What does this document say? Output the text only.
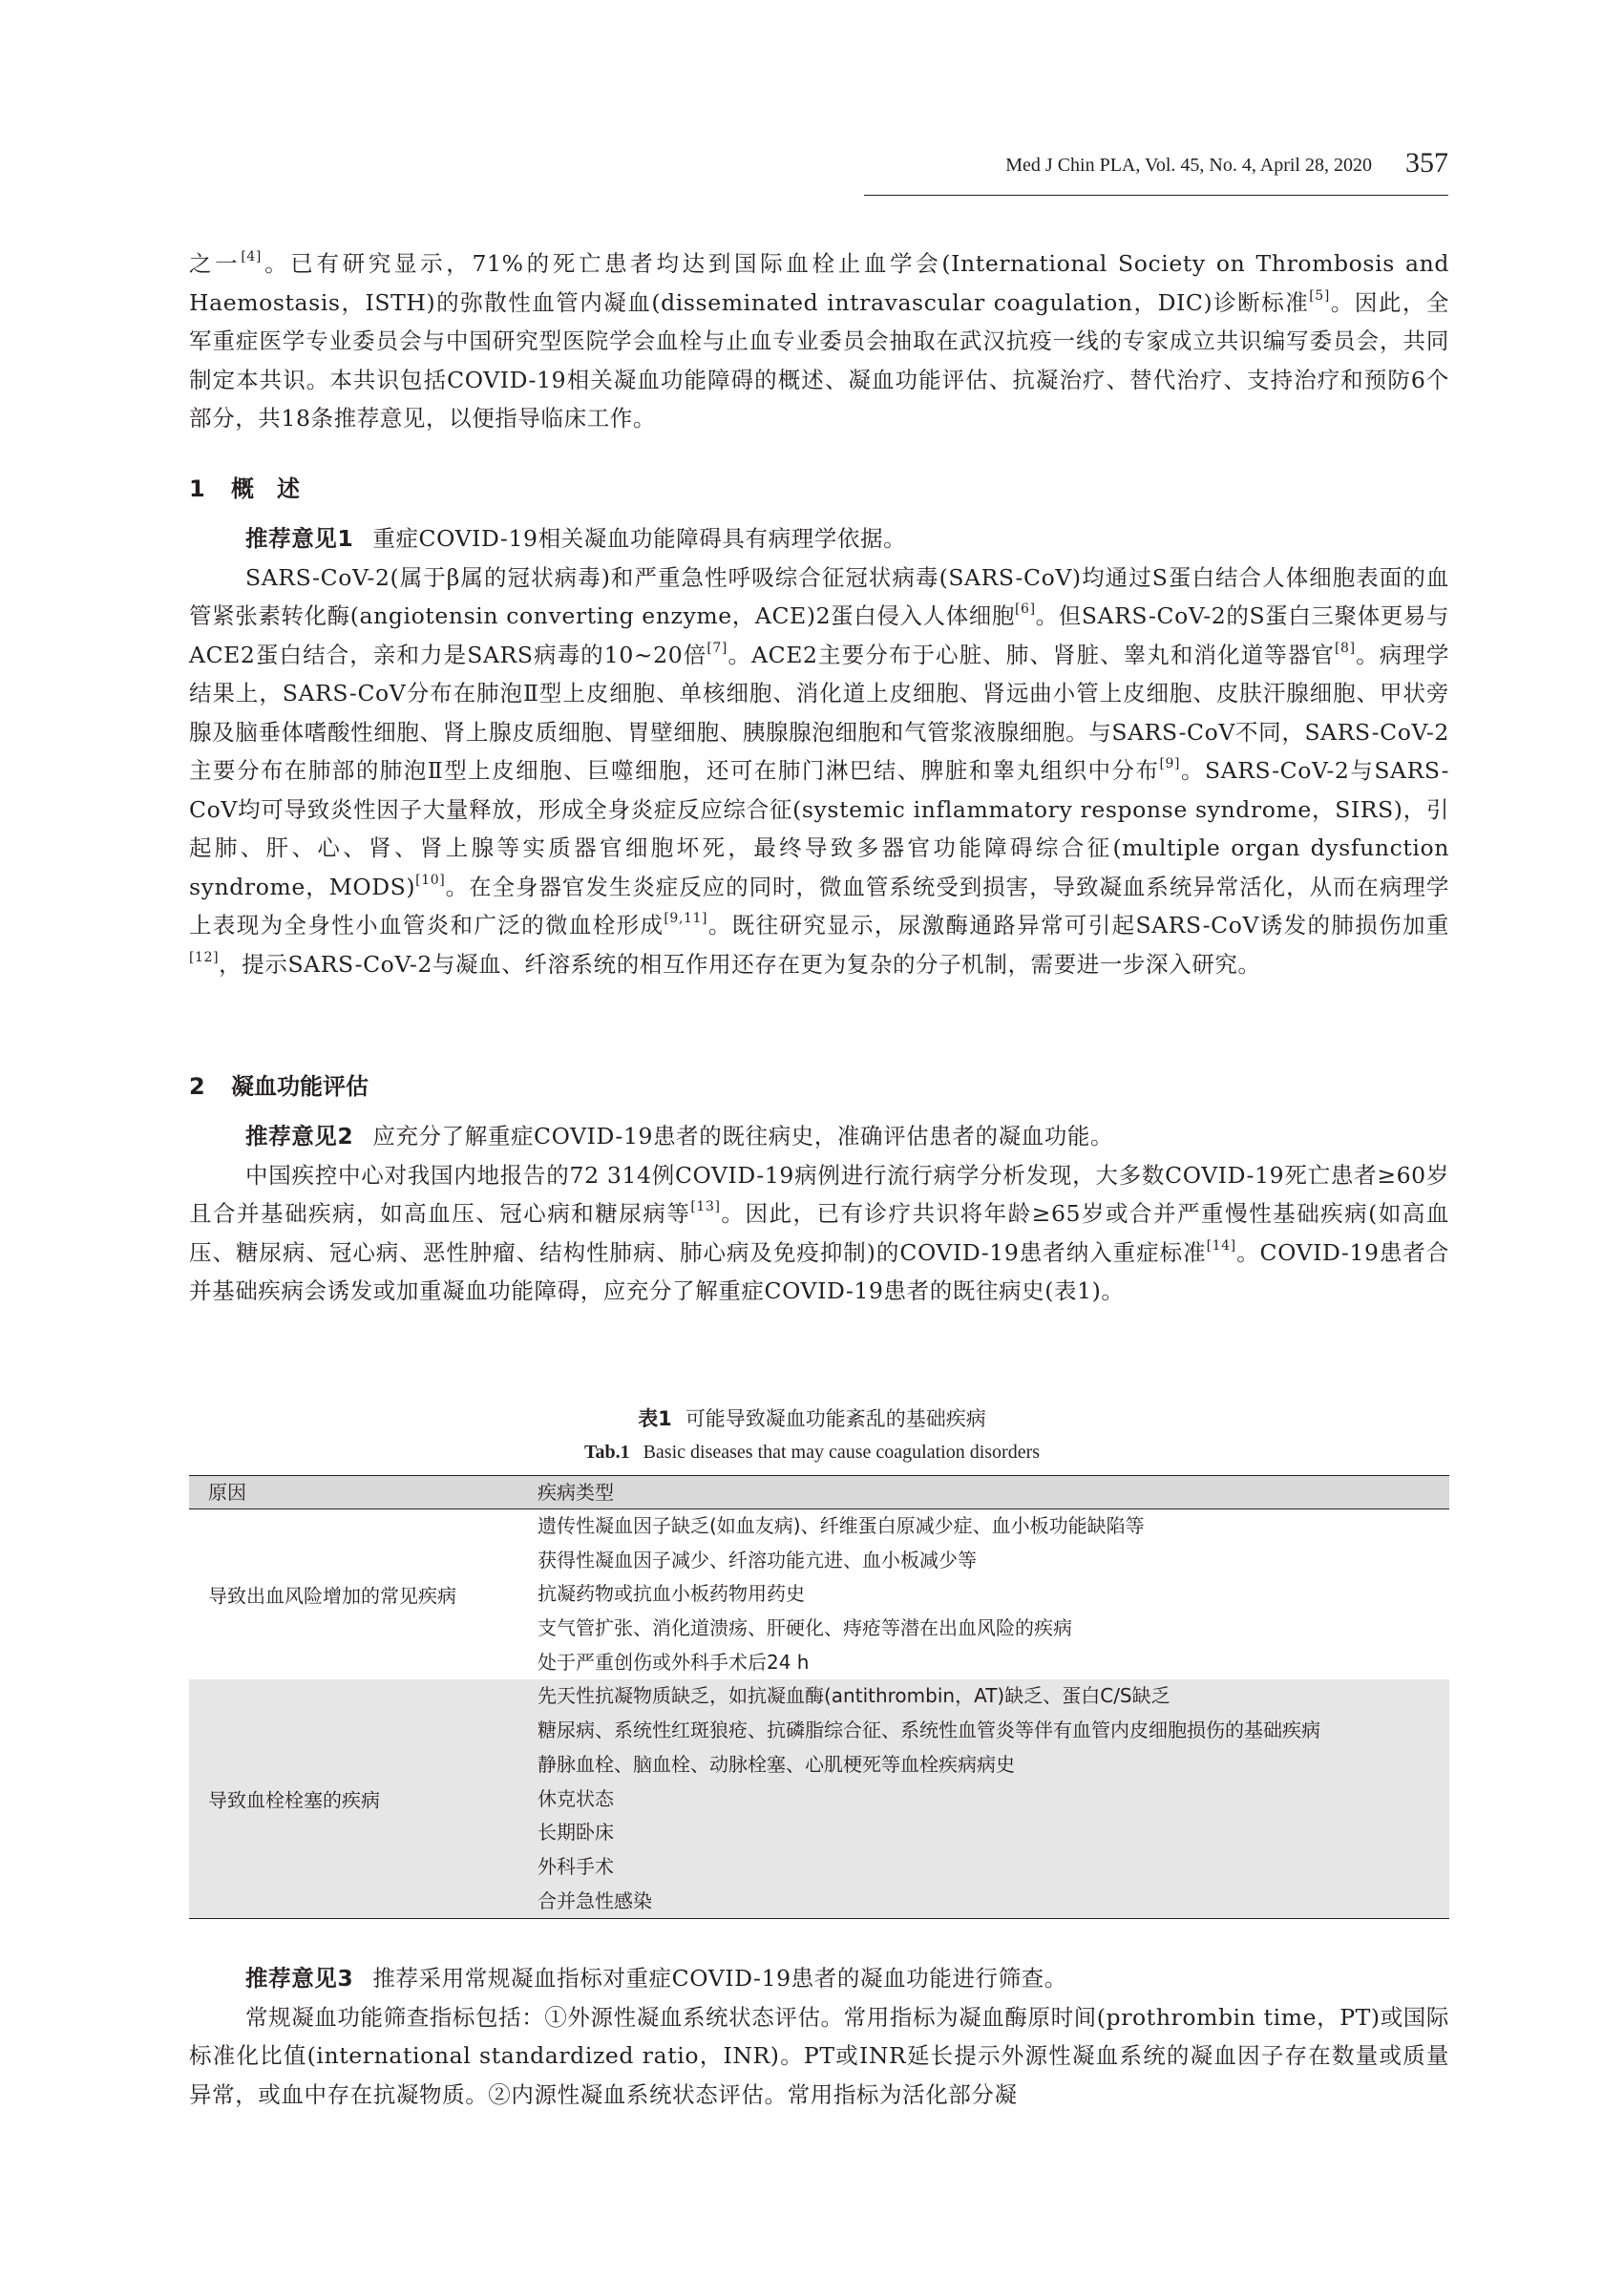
Med J Chin PLA, Vol. 45, No. 4, April 28, 2020 357

之一[4]。已有研究显示，71%的死亡患者均达到国际血栓止血学会(International Society on Thrombosis and Haemostasis，ISTH)的弥散性血管内凝血(disseminated intravascular coagulation，DIC)诊断标准[5]。因此，全军重症医学专业委员会与中国研究型医院学会血栓与止血专业委员会抽取在武汉抗疫一线的专家成立共识编写委员会，共同制定本共识。本共识包括COVID-19相关凝血功能障碍的概述、凝血功能评估、抗凝治疗、替代治疗、支持治疗和预防6个部分，共18条推荐意见，以便指导临床工作。

1 概　述

推荐意见1 重症COVID-19相关凝血功能障碍具有病理学依据。

SARS-CoV-2(属于β属的冠状病毒)和严重急性呼吸综合征冠状病毒(SARS-CoV)均通过S蛋白结合人体细胞表面的血管紧张素转化酶(angiotensin converting enzyme，ACE)2蛋白侵入人体细胞[6]。但SARS-CoV-2的S蛋白三聚体更易与ACE2蛋白结合，亲和力是SARS病毒的10~20倍[7]。ACE2主要分布于心脏、肺、肾脏、睾丸和消化道等器官[8]。病理学结果上，SARS-CoV分布在肺泡Ⅱ型上皮细胞、单核细胞、消化道上皮细胞、肾远曲小管上皮细胞、皮肤汗腺细胞、甲状旁腺及脑垂体嗜酸性细胞、肾上腺皮质细胞、胃壁细胞、胰腺腺泡细胞和气管浆液腺细胞。与SARS-CoV不同，SARS-CoV-2主要分布在肺部的肺泡Ⅱ型上皮细胞、巨噬细胞，还可在肺门淋巴结、脾脏和睾丸组织中分布[9]。SARS-CoV-2与SARS-CoV均可导致炎性因子大量释放，形成全身炎症反应综合征(systemic inflammatory response syndrome，SIRS)，引起肺、肝、心、肾、肾上腺等实质器官细胞坏死，最终导致多器官功能障碍综合征(multiple organ dysfunction syndrome，MODS)[10]。在全身器官发生炎症反应的同时，微血管系统受到损害，导致凝血系统异常活化，从而在病理学上表现为全身性小血管炎和广泛的微血栓形成[9,11]。既往研究显示，尿激酶通路异常可引起SARS-CoV诱发的肺损伤加重[12]，提示SARS-CoV-2与凝血、纤溶系统的相互作用还存在更为复杂的分子机制，需要进一步深入研究。

2 凝血功能评估

推荐意见2 应充分了解重症COVID-19患者的既往病史，准确评估患者的凝血功能。

中国疾控中心对我国内地报告的72 314例COVID-19病例进行流行病学分析发现，大多数COVID-19死亡患者≥60岁且合并基础疾病，如高血压、冠心病和糖尿病等[13]。因此，已有诊疗共识将年龄≥65岁或合并严重慢性基础疾病(如高血压、糖尿病、冠心病、恶性肿瘤、结构性肺病、肺心病及免疫抑制)的COVID-19患者纳入重症标准[14]。COVID-19患者合并基础疾病会诱发或加重凝血功能障碍，应充分了解重症COVID-19患者的既往病史(表1)。

表1 可能导致凝血功能紊乱的基础疾病
Tab.1 Basic diseases that may cause coagulation disorders
原因	疾病类型
导致出血风险增加的常见疾病
遗传性凝血因子缺乏(如血友病)、纤维蛋白原减少症、血小板功能缺陷等
获得性凝血因子减少、纤溶功能亢进、血小板减少等
抗凝药物或抗血小板药物用药史
支气管扩张、消化道溃疡、肝硬化、痔疮等潜在出血风险的疾病
处于严重创伤或外科手术后24 h
导致血栓栓塞的疾病
先天性抗凝物质缺乏，如抗凝血酶(antithrombin，AT)缺乏、蛋白C/S缺乏
糖尿病、系统性红斑狼疮、抗磷脂综合征、系统性血管炎等伴有血管内皮细胞损伤的基础疾病
静脉血栓、脑血栓、动脉栓塞、心肌梗死等血栓疾病病史
休克状态
长期卧床
外科手术
合并急性感染

推荐意见3 推荐采用常规凝血指标对重症COVID-19患者的凝血功能进行筛查。

常规凝血功能筛查指标包括：①外源性凝血系统状态评估。常用指标为凝血酶原时间(prothrombin time，PT)或国际标准化比值(international standardized ratio，INR)。PT或INR延长提示外源性凝血系统的凝血因子存在数量或质量异常，或血中存在抗凝物质。②内源性凝血系统状态评估。常用指标为活化部分凝
